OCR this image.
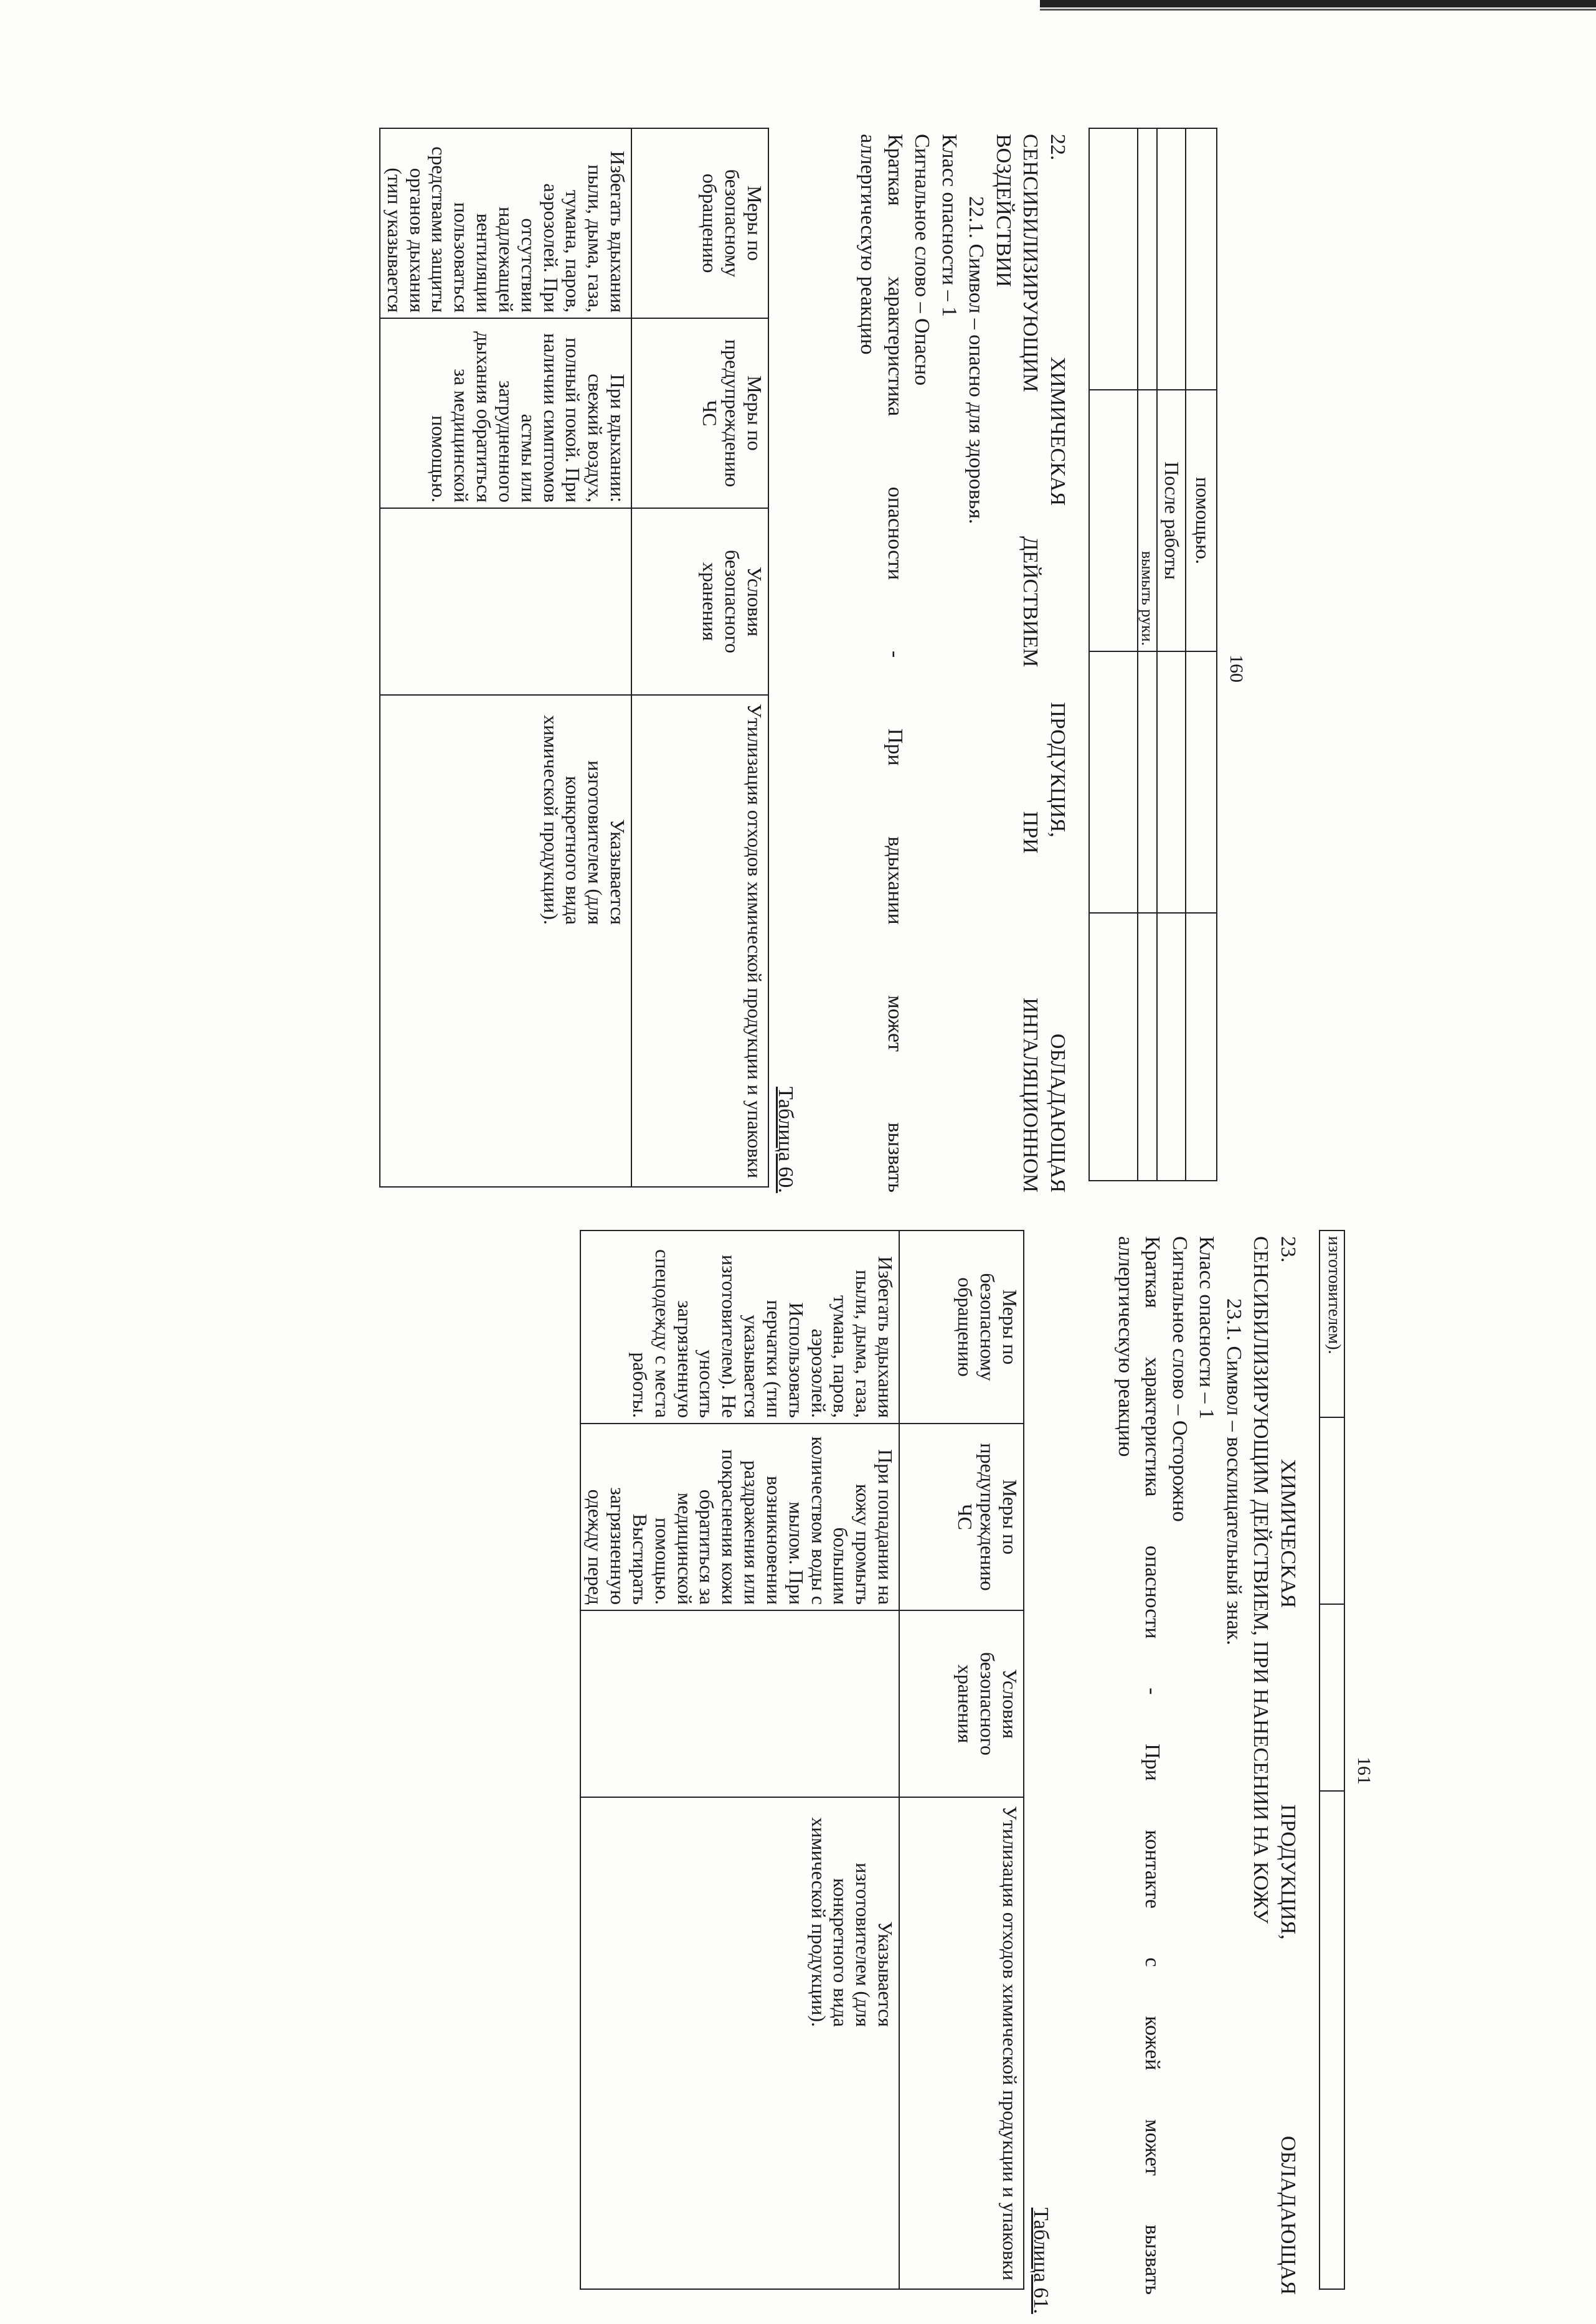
160
	помощью.		
	После работы		
	вымыть руки.		

22. ХИМИЧЕСКАЯ ПРОДУКЦИЯ, ОБЛАДАЮЩАЯ

СЕНСИБИЛИЗИРУЮЩИМ ДЕЙСТВИЕМ ПРИ ИНГАЛЯЦИОННОМ

ВОЗДЕЙСТВИИ

22.1. Символ – опасно для здоровья.

Класс опасности – 1

Сигнальное слово – Опасно

Краткая характеристика опасности - При вдыхании может вызвать

аллергическую реакцию

Таблица 60.
Меры по безопасному обращению	Меры по предупреждению ЧС	Условия безопасного хранения	Утилизация отходов химической продукции и упаковки
Избегать вдыхания пыли, дыма, газа, тумана, паров, аэрозолей. При отсутствии надлежащей вентиляции пользоваться средствами защиты органов дыхания (тип указывается	При вдыхании: свежий воздух, полный покой. При наличии симптомов астмы или затрудненного дыхания обратиться за медицинской помощью.		Указывается изготовителем (для конкретного вида химической продукции).
161
изготовителем).			

23. ХИМИЧЕСКАЯ ПРОДУКЦИЯ, ОБЛАДАЮЩАЯ

СЕНСИБИЛИЗИРУЮЩИМ ДЕЙСТВИЕМ, ПРИ НАНЕСЕНИИ НА КОЖУ

23.1. Символ – восклицательный знак.

Класс опасности – 1

Сигнальное слово – Осторожно

Краткая характеристика опасности - При контакте с кожей может вызвать

аллергическую реакцию

Таблица 61.
Меры по безопасному обращению	Меры по предупреждению ЧС	Условия безопасного хранения	Утилизация отходов химической продукции и упаковки
Избегать вдыхания пыли, дыма, газа, тумана, паров, аэрозолей. Использовать перчатки (тип указывается изготовителем). Не уносить загрязненную спецодежду с места работы.	При попадании на кожу промыть большим количеством воды с мылом. При возникновении раздражения или покраснения кожи обратиться за медицинской помощью. Выстирать загрязненную одежду перед		Указывается изготовителем (для конкретного вида химической продукции).
